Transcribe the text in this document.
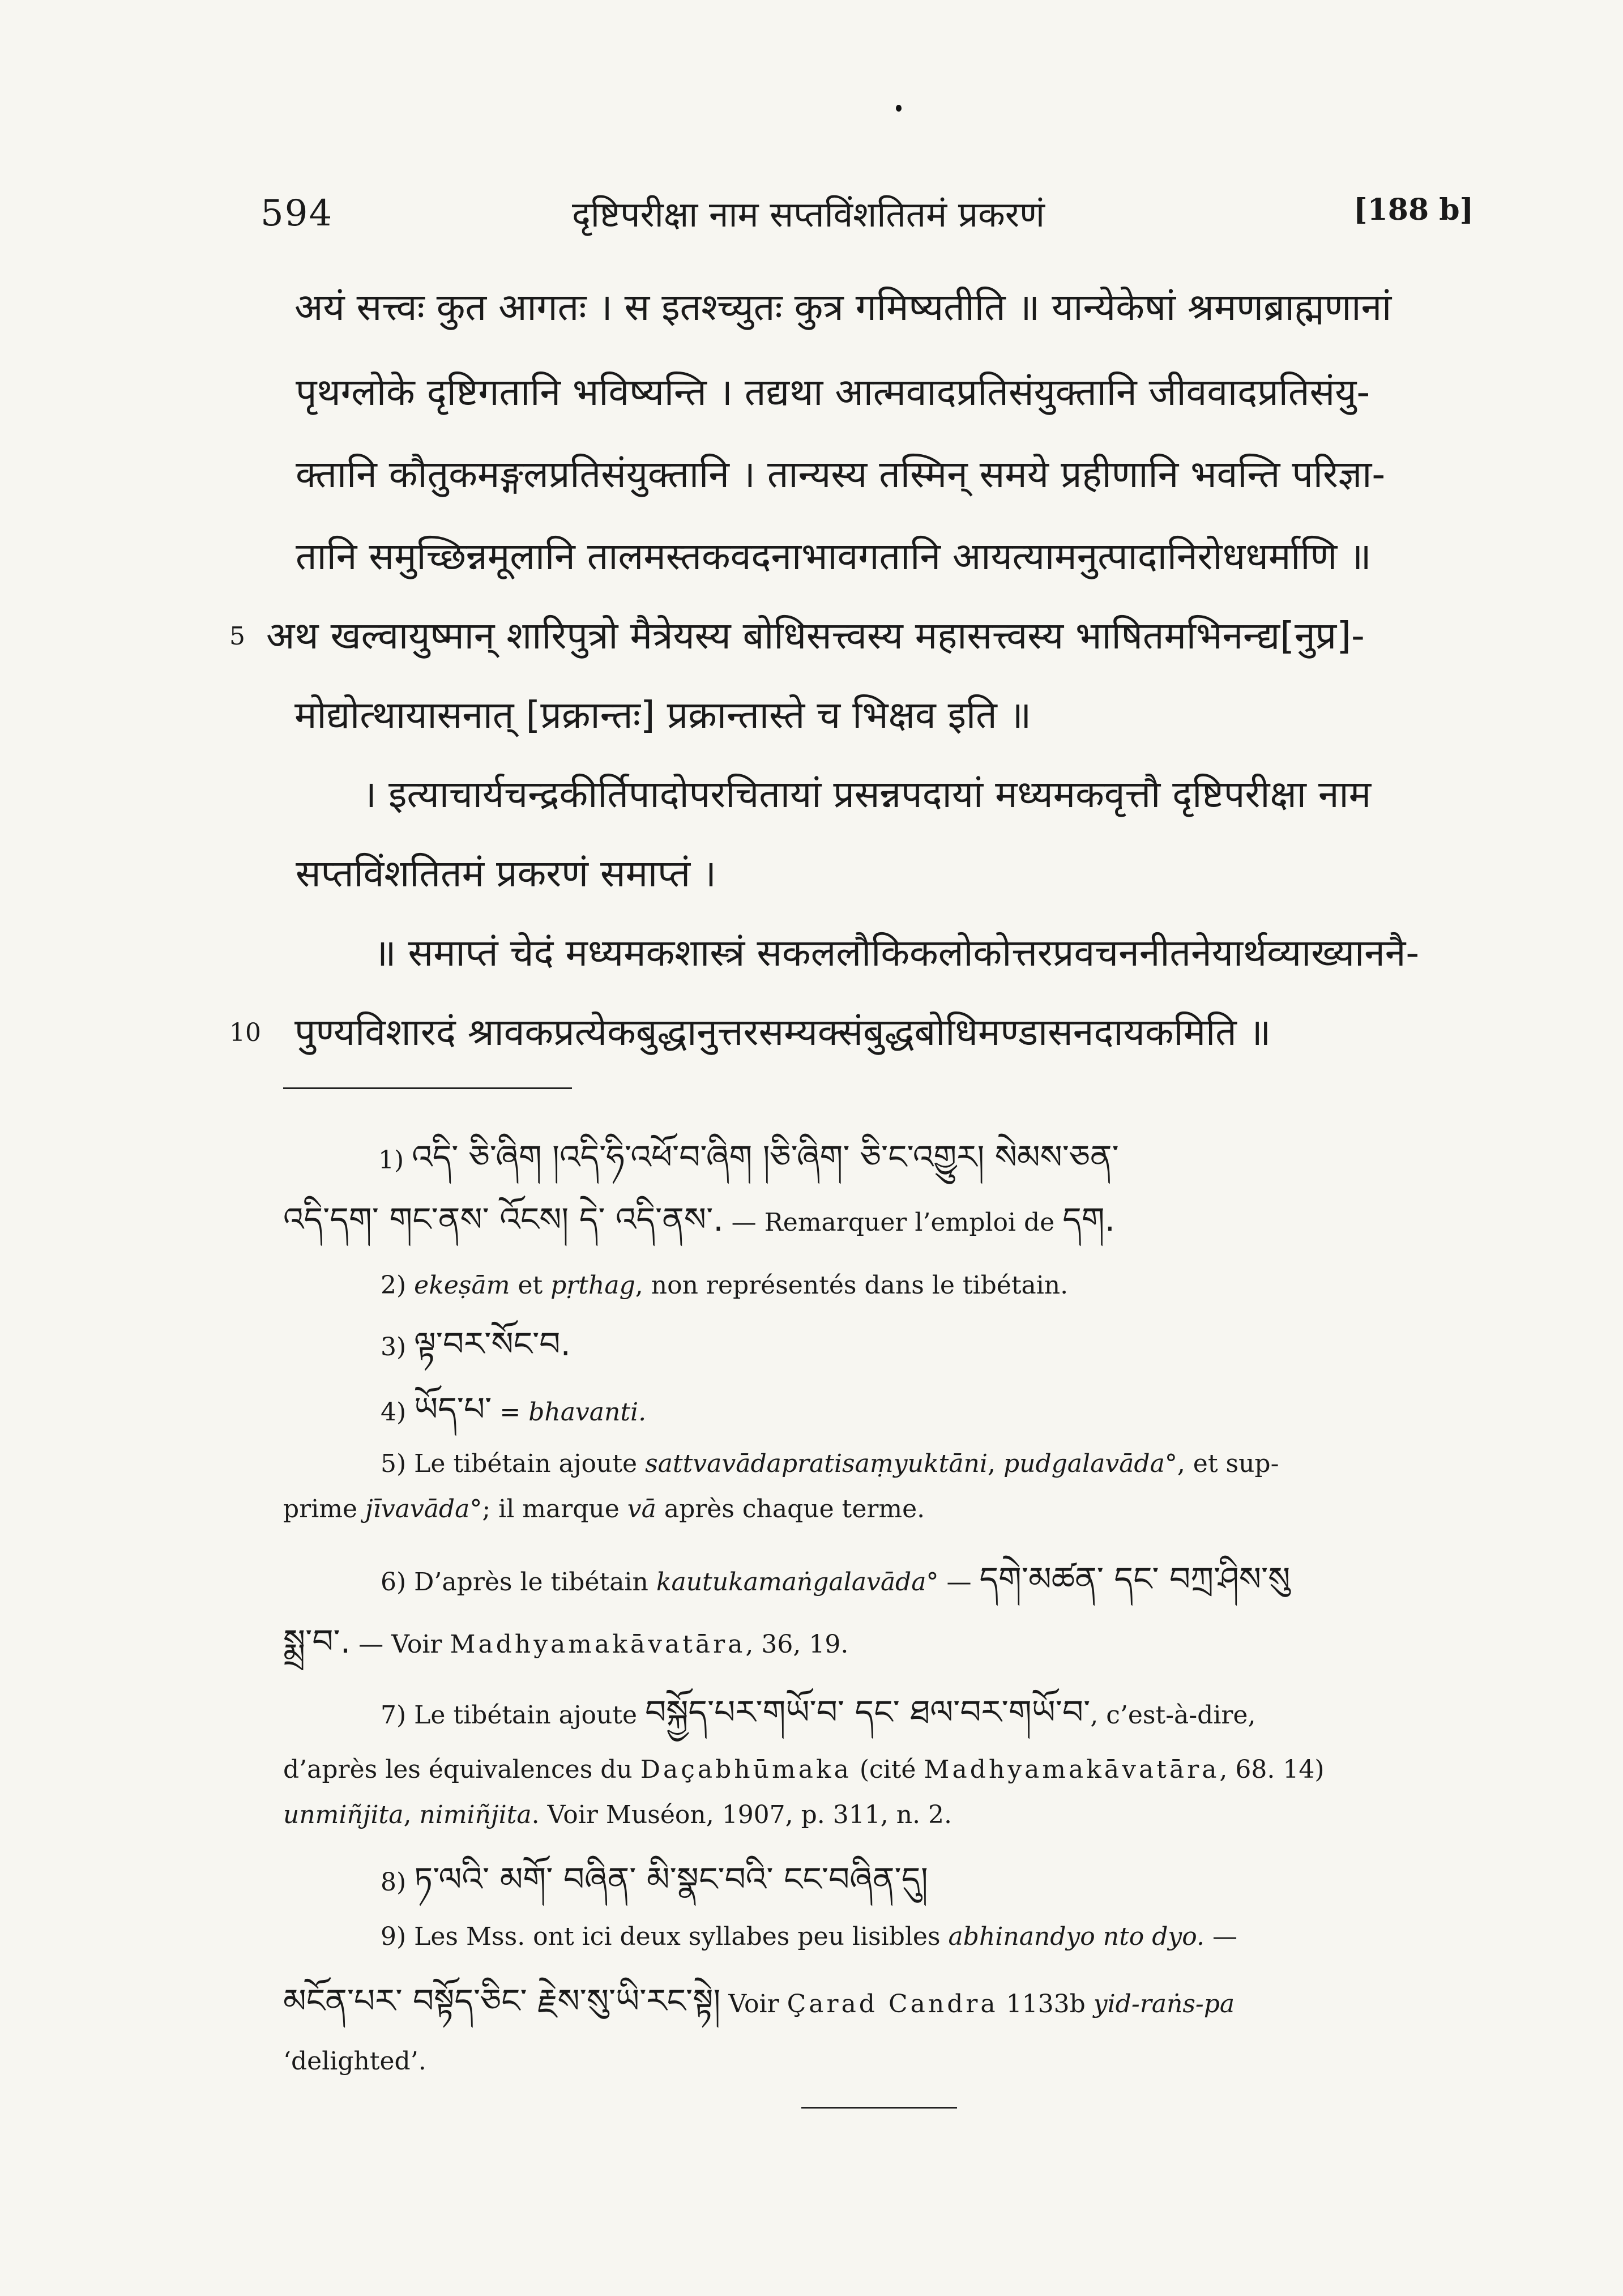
594	दृष्टिपरीक्षा नाम सप्तविंशतितमं प्रकरणं	[188 b]
अयं सत्त्वः कुत आगतः । स इतश्च्युतः कुत्र गमिष्यतीति ॥ यान्येकेषां श्रमणब्राह्मणानां
पृथग्लोके दृष्टिगतानि भविष्यन्ति । तद्यथा आत्मवादप्रतिसंयुक्तानि जीववादप्रतिसंयु-
क्तानि कौतुकमङ्गलप्रतिसंयुक्तानि । तान्यस्य तस्मिन् समये प्रहीणानि भवन्ति परिज्ञा-
तानि समुच्छिन्नमूलानि तालमस्तकवदनाभावगतानि आयत्यामनुत्पादानिरोधधर्माणि ॥
5 अथ खल्वायुष्मान् शारिपुत्रो मैत्रेयस्य बोधिसत्त्वस्य महासत्त्वस्य भाषितमभिनन्द्य[नुप्र]-
मोद्योत्थायासनात् [प्रक्रान्तः] प्रक्रान्तास्ते च भिक्षव इति ॥
। इत्याचार्यचन्द्रकीर्तिपादोपरचितायां प्रसन्नपदायां मध्यमकवृत्तौ दृष्टिपरीक्षा नाम
सप्तविंशतितमं प्रकरणं समाप्तं ।
॥ समाप्तं चेदं मध्यमकशास्त्रं सकललौकिकलोकोत्तरप्रवचननीतनेयार्थव्याख्याननै-
10 पुण्यविशारदं श्रावकप्रत्येकबुद्धानुत्तरसम्यक्संबुद्धबोधिमण्डासनदायकमिति ॥
1) འདི་ ཅི་ཞིག །འདི་ཧི་འཕོ་བ་ཞིག །ཅི་ཞིག་ ཅི་ང་འགྱུར། སེམས་ཅན་
འདི་དག་ གང་ནས་ འོངས། དེ་ འདི་ནས་. — Remarquer l’emploi de དག.
2) ekeṣām et pṛthag, non représentés dans le tibétain.
3) ལྟ་བར་སོང་བ.
4) ཡོད་པ་ = bhavanti.
5) Le tibétain ajoute sattvavādapratisaṃyuktāni, pudgalavāda°, et sup-
prime jīvavāda°; il marque vā après chaque terme.
6) D’après le tibétain kautukamaṅgalavāda° — དགེ་མཚན་ དང་ བཀྲ་ཤིས་སུ
སྨྲ་བ་. — Voir Madhyamakāvatāra, 36, 19.
7) Le tibétain ajoute བསྐྱོད་པར་གཡོ་བ་ དང་ ཐལ་བར་གཡོ་བ་, c’est-à-dire,
d’après les équivalences du Daçabhūmaka (cité Madhyamakāvatāra, 68. 14)
unmiñjita, nimiñjita. Voir Muséon, 1907, p. 311, n. 2.
8) ཏ་ལའི་ མགོ་ བཞིན་ མི་སྣང་བའི་ ངང་བཞིན་དུ།
9) Les Mss. ont ici deux syllabes peu lisibles abhinandyo nto dyo. —
མངོན་པར་ བསྟོད་ཅིང་ རྗེས་སུ་ཡི་རང་སྟེ། Voir Çarad Candra 1133b yid-raṅs-pa
‘delighted’.
